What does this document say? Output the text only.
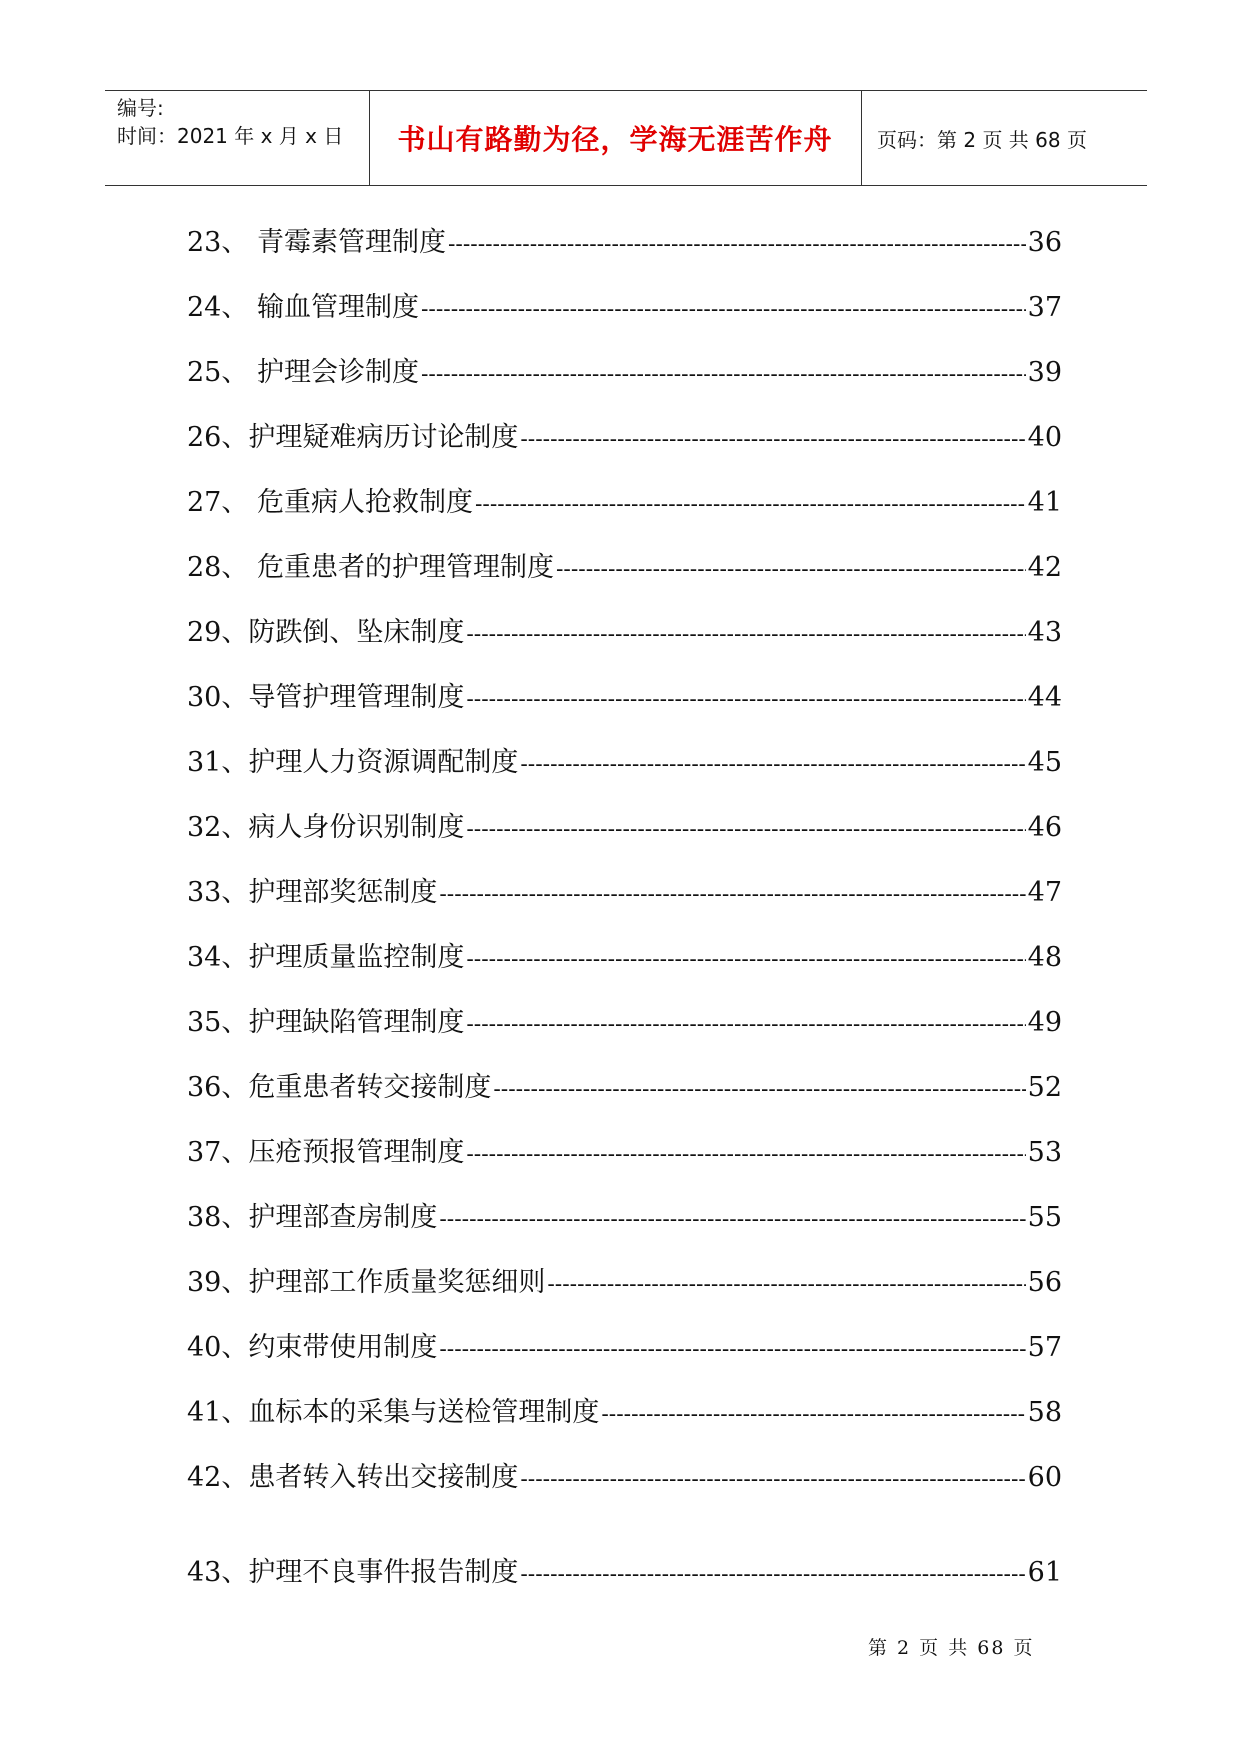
编号:
时间：2021 年 x 月 x 日 书山有路勤为径，学海无涯苦作舟 页码：第 2 页 共 68 页
23、 青霉素管理制度 -----	36
24、 输血管理制度 -----	37
25、 护理会诊制度 -----	39
26、护理疑难病历讨论制度 -----	40
27、 危重病人抢救制度 -----	41
28、 危重患者的护理管理制度 -----	42
29、防跌倒、坠床制度 -----	43
30、导管护理管理制度 -----	44
31、护理人力资源调配制度 -----	45
32、病人身份识别制度 -----	46
33、护理部奖惩制度 -----	47
34、护理质量监控制度 -----	48
35、护理缺陷管理制度 -----	49
36、危重患者转交接制度 -----	52
37、压疮预报管理制度 -----	53
38、护理部查房制度 -----	55
39、护理部工作质量奖惩细则 -----	56
40、约束带使用制度 -----	57
41、血标本的采集与送检管理制度 -----	58
42、患者转入转出交接制度 -----	60
43、护理不良事件报告制度 -----	61
第 2 页 共 68 页
